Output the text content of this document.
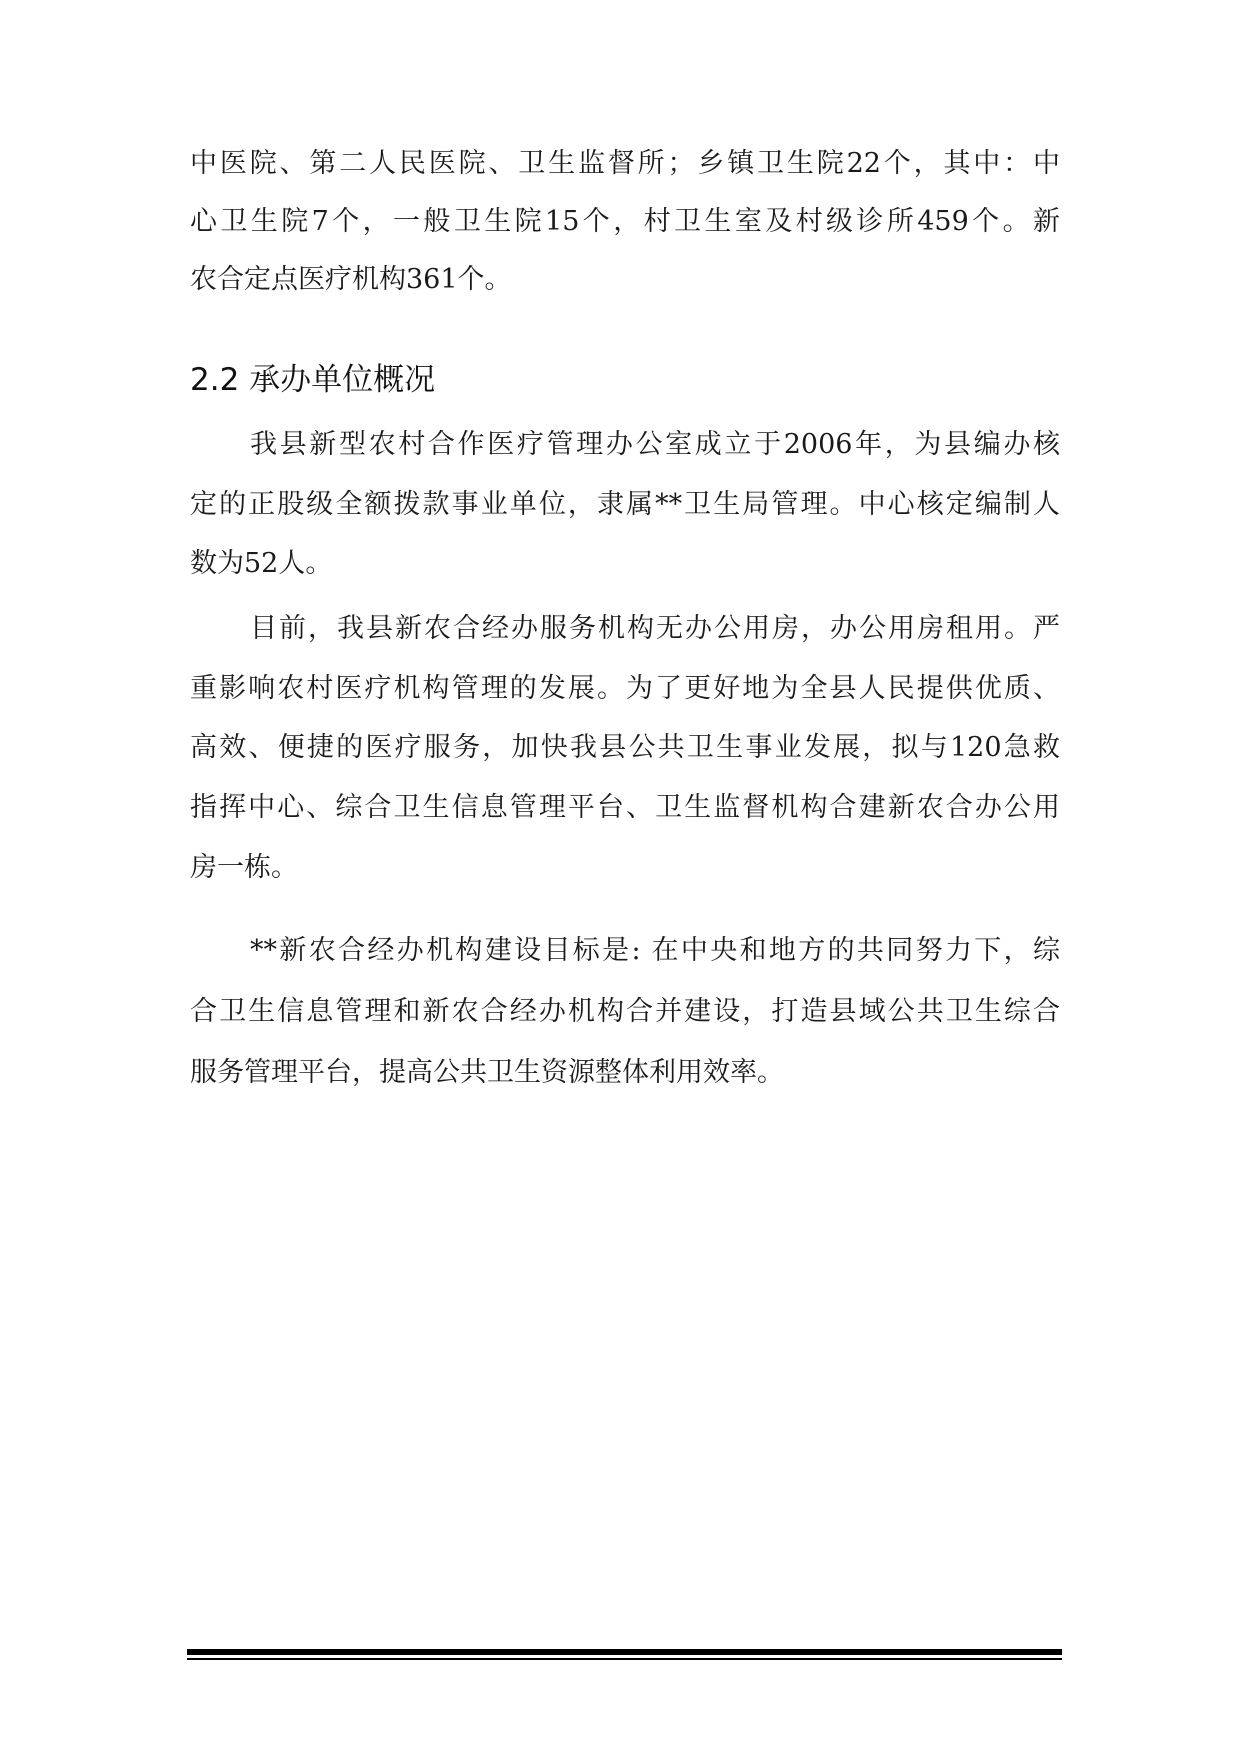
中医院、第二人民医院、卫生监督所；乡镇卫生院22个，其中：中
心卫生院7个，一般卫生院15个，村卫生室及村级诊所459个。新
农合定点医疗机构361个。
2.2 承办单位概况
我县新型农村合作医疗管理办公室成立于2006年，为县编办核
定的正股级全额拨款事业单位，隶属**卫生局管理。中心核定编制人
数为52人。
目前，我县新农合经办服务机构无办公用房，办公用房租用。严
重影响农村医疗机构管理的发展。为了更好地为全县人民提供优质、
高效、便捷的医疗服务，加快我县公共卫生事业发展，拟与120急救
指挥中心、综合卫生信息管理平台、卫生监督机构合建新农合办公用
房一栋。
**新农合经办机构建设目标是: 在中央和地方的共同努力下，综
合卫生信息管理和新农合经办机构合并建设，打造县域公共卫生综合
服务管理平台，提高公共卫生资源整体利用效率。
